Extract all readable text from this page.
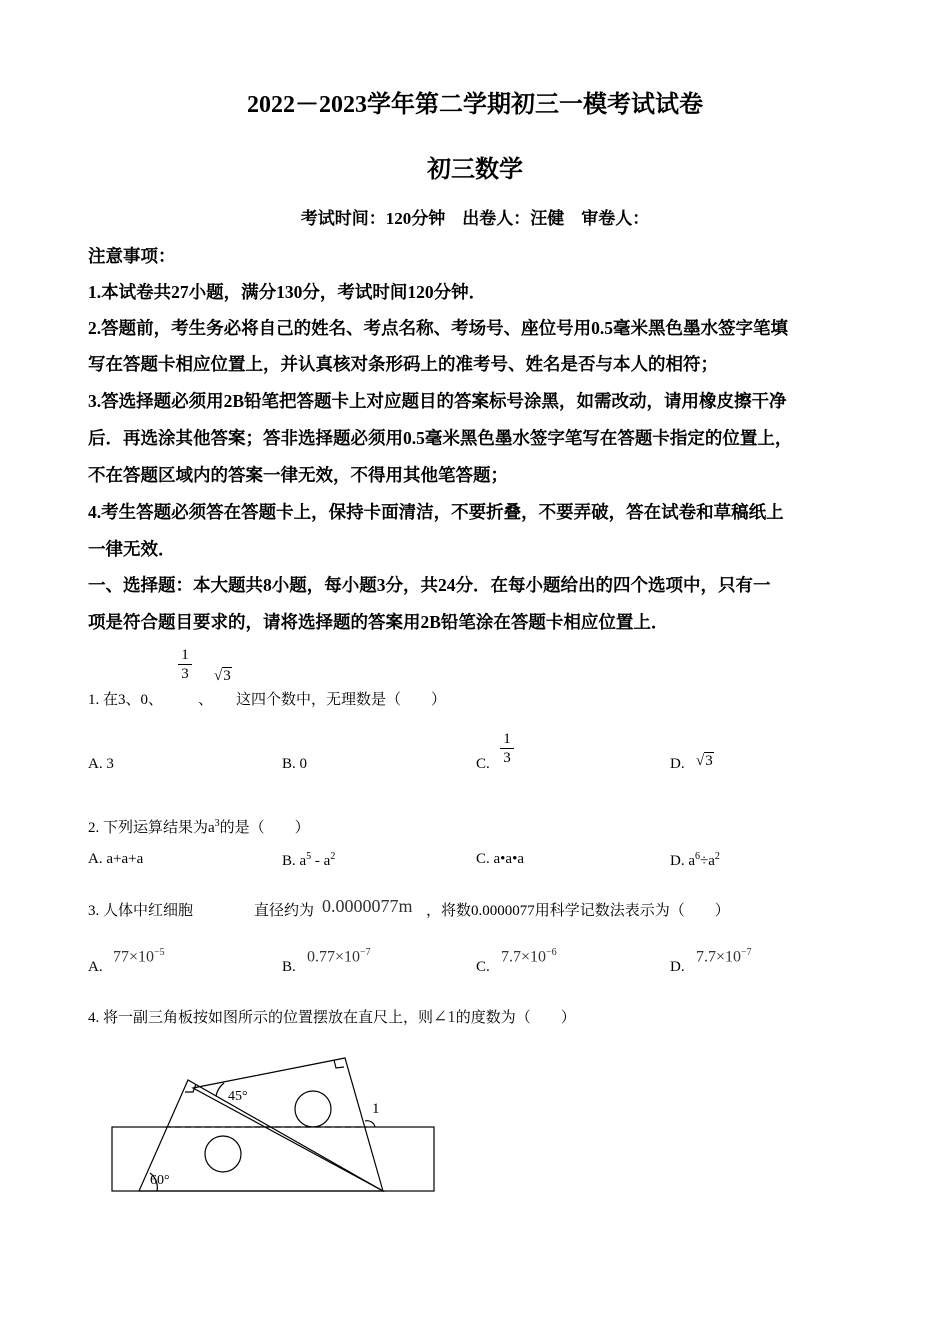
2022－2023学年第二学期初三一模考试试卷
初三数学
考试时间：120分钟　出卷人：汪健　审卷人：
注意事项：
1.本试卷共27小题，满分130分，考试时间120分钟．
2.答题前，考生务必将自己的姓名、考点名称、考场号、座位号用0.5毫米黑色墨水签字笔填
写在答题卡相应位置上，并认真核对条形码上的准考号、姓名是否与本人的相符；
3.答选择题必须用2B铅笔把答题卡上对应题目的答案标号涂黑，如需改动，请用橡皮擦干净
后．再选涂其他答案；答非选择题必须用0.5毫米黑色墨水签字笔写在答题卡指定的位置上，
不在答题区域内的答案一律无效，不得用其他笔答题；
4.考生答题必须答在答题卡上，保持卡面清洁，不要折叠，不要弄破，答在试卷和草稿纸上
一律无效．
一、选择题：本大题共8小题，每小题3分，共24分．在每小题给出的四个选项中，只有一
项是符合题目要求的，请将选择题的答案用2B铅笔涂在答题卡相应位置上．
1. 在3、0、
1
3
、
√3
这四个数中，无理数是（　　）
A. 3	B. 0	C.
1
3	D. √3
2. 下列运算结果为$a^3$的是（　　）
A. a+a+a	B. $a^5 - a^2$	C. a•a•a	D. $a^6\div a^2$
3. 人体中红细胞	直径约为 0.0000077m ，将数0.0000077用科学记数法表示为（　　）
A.
$77\times 10^{-5}$
B.
$0.77\times 10^{-7}$
C.
$7.7\times 10^{-6}$
D.
$7.7\times 10^{-7}$
4. 将一副三角板按如图所示的位置摆放在直尺上，则∠1的度数为（　　）
45°
60°
1
